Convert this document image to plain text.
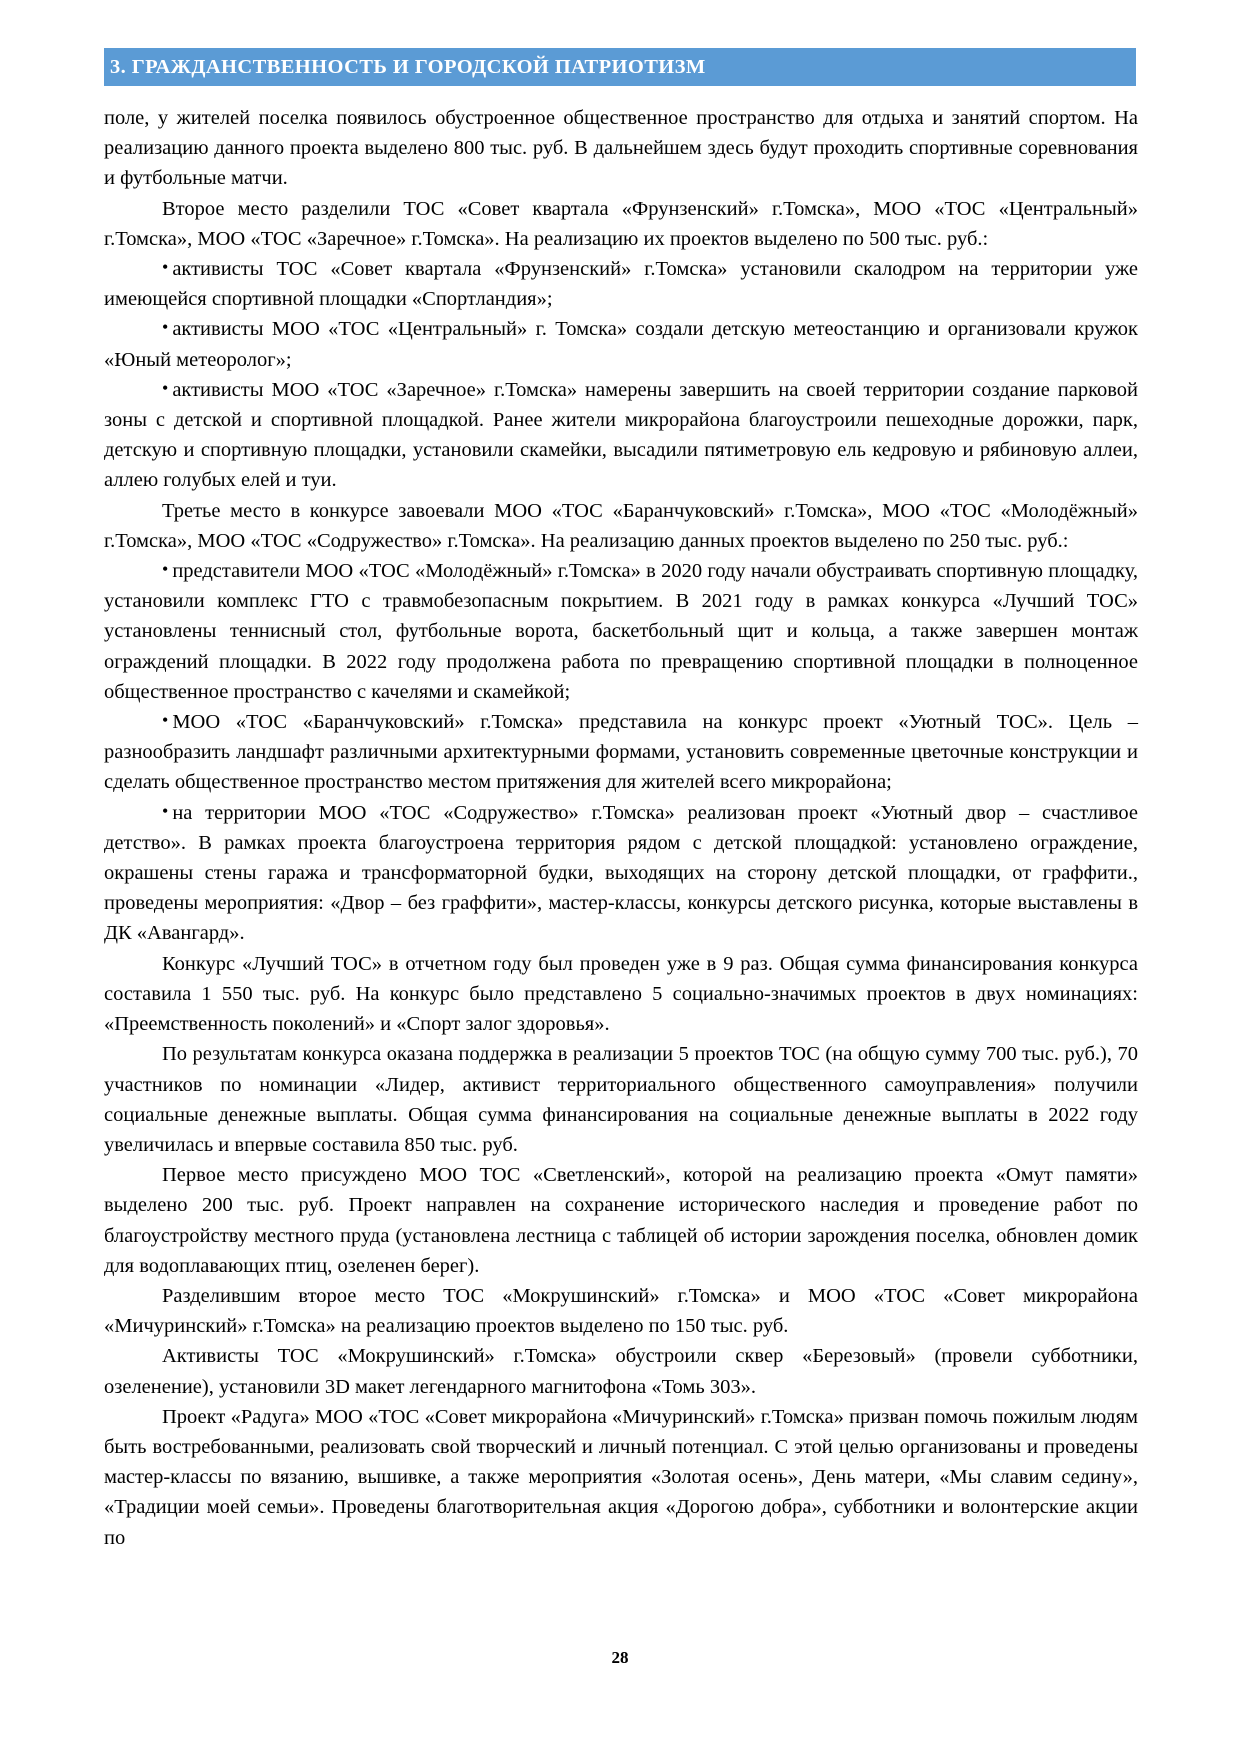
3. ГРАЖДАНСТВЕННОСТЬ И ГОРОДСКОЙ ПАТРИОТИЗМ

поле, у жителей поселка появилось обустроенное общественное пространство для отдыха и занятий спортом. На реализацию данного проекта выделено 800 тыс. руб. В дальнейшем здесь будут проходить спортивные соревнования и футбольные матчи.

Второе место разделили ТОС «Совет квартала «Фрунзенский» г.Томска», МОО «ТОС «Центральный» г.Томска», МОО «ТОС «Заречное» г.Томска». На реализацию их проектов выделено по 500 тыс. руб.:

• активисты ТОС «Совет квартала «Фрунзенский» г.Томска» установили скалодром на территории уже имеющейся спортивной площадки «Спортландия»;

• активисты МОО «ТОС «Центральный» г. Томска» создали детскую метеостанцию и организовали кружок «Юный метеоролог»;

• активисты МОО «ТОС «Заречное» г.Томска» намерены завершить на своей территории создание парковой зоны с детской и спортивной площадкой. Ранее жители микрорайона благоустроили пешеходные дорожки, парк, детскую и спортивную площадки, установили скамейки, высадили пятиметровую ель кедровую и рябиновую аллеи, аллею голубых елей и туи.

Третье место в конкурсе завоевали МОО «ТОС «Баранчуковский» г.Томска», МОО «ТОС «Молодёжный» г.Томска», МОО «ТОС «Содружество» г.Томска». На реализацию данных проектов выделено по 250 тыс. руб.:

• представители МОО «ТОС «Молодёжный» г.Томска» в 2020 году начали обустраивать спортивную площадку, установили комплекс ГТО с травмобезопасным покрытием. В 2021 году в рамках конкурса «Лучший ТОС» установлены теннисный стол, футбольные ворота, баскетбольный щит и кольца, а также завершен монтаж ограждений площадки. В 2022 году продолжена работа по превращению спортивной площадки в полноценное общественное пространство с качелями и скамейкой;

• МОО «ТОС «Баранчуковский» г.Томска» представила на конкурс проект «Уютный ТОС». Цель – разнообразить ландшафт различными архитектурными формами, установить современные цветочные конструкции и сделать общественное пространство местом притяжения для жителей всего микрорайона;

• на территории МОО «ТОС «Содружество» г.Томска» реализован проект «Уютный двор – счастливое детство». В рамках проекта благоустроена территория рядом с детской площадкой: установлено ограждение, окрашены стены гаража и трансформаторной будки, выходящих на сторону детской площадки, от граффити., проведены мероприятия: «Двор – без граффити», мастер-классы, конкурсы детского рисунка, которые выставлены в ДК «Авангард».

Конкурс «Лучший ТОС» в отчетном году был проведен уже в 9 раз. Общая сумма финансирования конкурса составила 1 550 тыс. руб. На конкурс было представлено 5 социально-значимых проектов в двух номинациях: «Преемственность поколений» и «Спорт залог здоровья».

По результатам конкурса оказана поддержка в реализации 5 проектов ТОС (на общую сумму 700 тыс. руб.), 70 участников по номинации «Лидер, активист территориального общественного самоуправления» получили социальные денежные выплаты. Общая сумма финансирования на социальные денежные выплаты в 2022 году увеличилась и впервые составила 850 тыс. руб.

Первое место присуждено МОО ТОС «Светленский», которой на реализацию проекта «Омут памяти» выделено 200 тыс. руб. Проект направлен на сохранение исторического наследия и проведение работ по благоустройству местного пруда (установлена лестница с таблицей об истории зарождения поселка, обновлен домик для водоплавающих птиц, озеленен берег).

Разделившим второе место ТОС «Мокрушинский» г.Томска» и МОО «ТОС «Совет микрорайона «Мичуринский» г.Томска» на реализацию проектов выделено по 150 тыс. руб.

Активисты ТОС «Мокрушинский» г.Томска» обустроили сквер «Березовый» (провели субботники, озеленение), установили 3D макет легендарного магнитофона «Томь 303».

Проект «Радуга» МОО «ТОС «Совет микрорайона «Мичуринский» г.Томска» призван помочь пожилым людям быть востребованными, реализовать свой творческий и личный потенциал. С этой целью организованы и проведены мастер-классы по вязанию, вышивке, а также мероприятия «Золотая осень», День матери, «Мы славим седину», «Традиции моей семьи». Проведены благотворительная акция «Дорогою добра», субботники и волонтерские акции по

28
